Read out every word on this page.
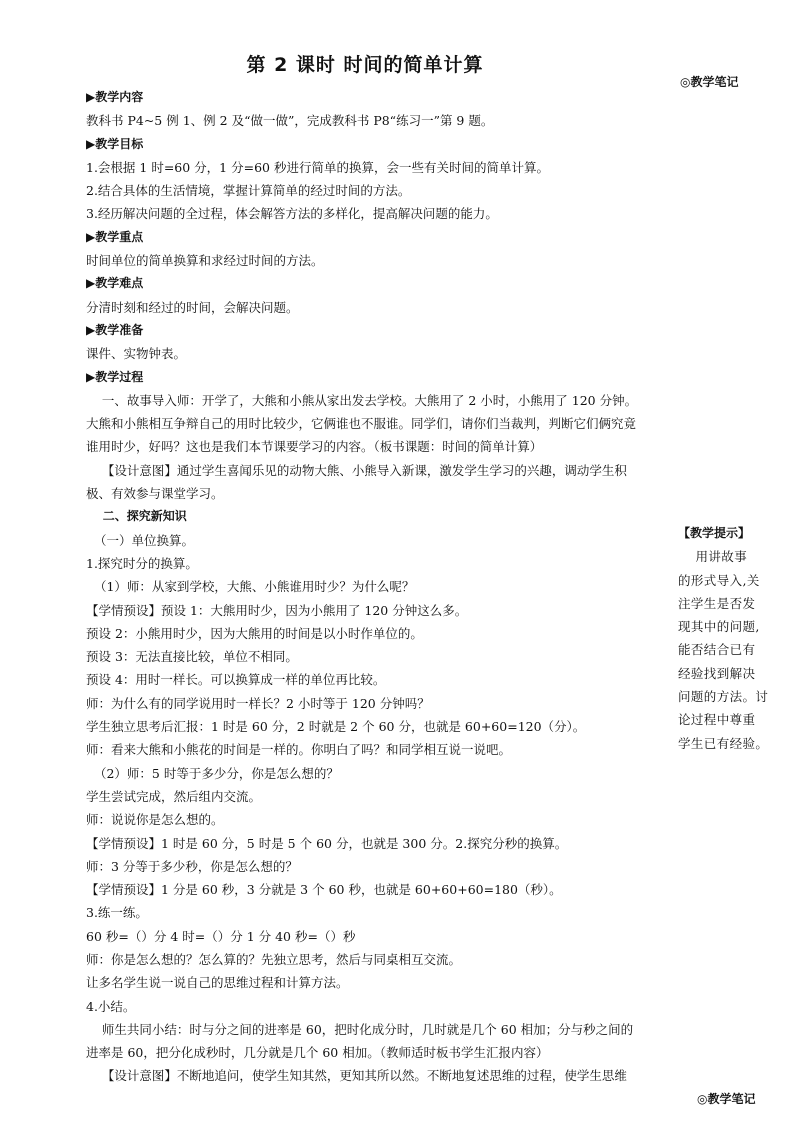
第 2 课时 时间的简单计算
◎教学笔记
▶教学内容
教科书 P4~5 例 1、例 2 及“做一做”，完成教科书 P8“练习一”第 9 题。
▶教学目标
1.会根据 1 时=60 分，1 分=60 秒进行简单的换算，会一些有关时间的简单计算。
2.结合具体的生活情境，掌握计算简单的经过时间的方法。
3.经历解决问题的全过程，体会解答方法的多样化，提高解决问题的能力。
▶教学重点
时间单位的简单换算和求经过时间的方法。
▶教学难点
分清时刻和经过的时间，会解决问题。
▶教学准备
课件、实物钟表。
▶教学过程
一、故事导入师：开学了，大熊和小熊从家出发去学校。大熊用了 2 小时，小熊用了 120 分钟。
大熊和小熊相互争辩自己的用时比较少，它俩谁也不服谁。同学们，请你们当裁判，判断它们俩究竟
谁用时少，好吗？这也是我们本节课要学习的内容。（板书课题：时间的简单计算）
【设计意图】通过学生喜闻乐见的动物大熊、小熊导入新课，激发学生学习的兴趣，调动学生积
极、有效参与课堂学习。
二、探究新知识
（一）单位换算。
1.探究时分的换算。
（1）师：从家到学校，大熊、小熊谁用时少？为什么呢？
【学情预设】预设 1：大熊用时少，因为小熊用了 120 分钟这么多。
预设 2：小熊用时少，因为大熊用的时间是以小时作单位的。
预设 3：无法直接比较，单位不相同。
预设 4：用时一样长。可以换算成一样的单位再比较。
师：为什么有的同学说用时一样长？2 小时等于 120 分钟吗？
学生独立思考后汇报：1 时是 60 分，2 时就是 2 个 60 分，也就是 60+60=120（分）。
师：看来大熊和小熊花的时间是一样的。你明白了吗？和同学相互说一说吧。
（2）师：5 时等于多少分，你是怎么想的？
学生尝试完成，然后组内交流。
师：说说你是怎么想的。
【学情预设】1 时是 60 分，5 时是 5 个 60 分，也就是 300 分。2.探究分秒的换算。
师：3 分等于多少秒，你是怎么想的？
【学情预设】1 分是 60 秒，3 分就是 3 个 60 秒，也就是 60+60+60=180（秒）。
3.练一练。
60 秒=（）分 4 时=（）分 1 分 40 秒=（）秒
师：你是怎么想的？怎么算的？先独立思考，然后与同桌相互交流。
让多名学生说一说自己的思维过程和计算方法。
4.小结。
师生共同小结：时与分之间的进率是 60，把时化成分时，几时就是几个 60 相加；分与秒之间的
进率是 60，把分化成秒时，几分就是几个 60 相加。（教师适时板书学生汇报内容）
【设计意图】不断地追问，使学生知其然，更知其所以然。不断地复述思维的过程，使学生思维
【教学提示】
用讲故事
的形式导入,关
注学生是否发
现其中的问题,
能否结合已有
经验找到解决
问题的方法。讨
论过程中尊重
学生已有经验。
◎教学笔记
